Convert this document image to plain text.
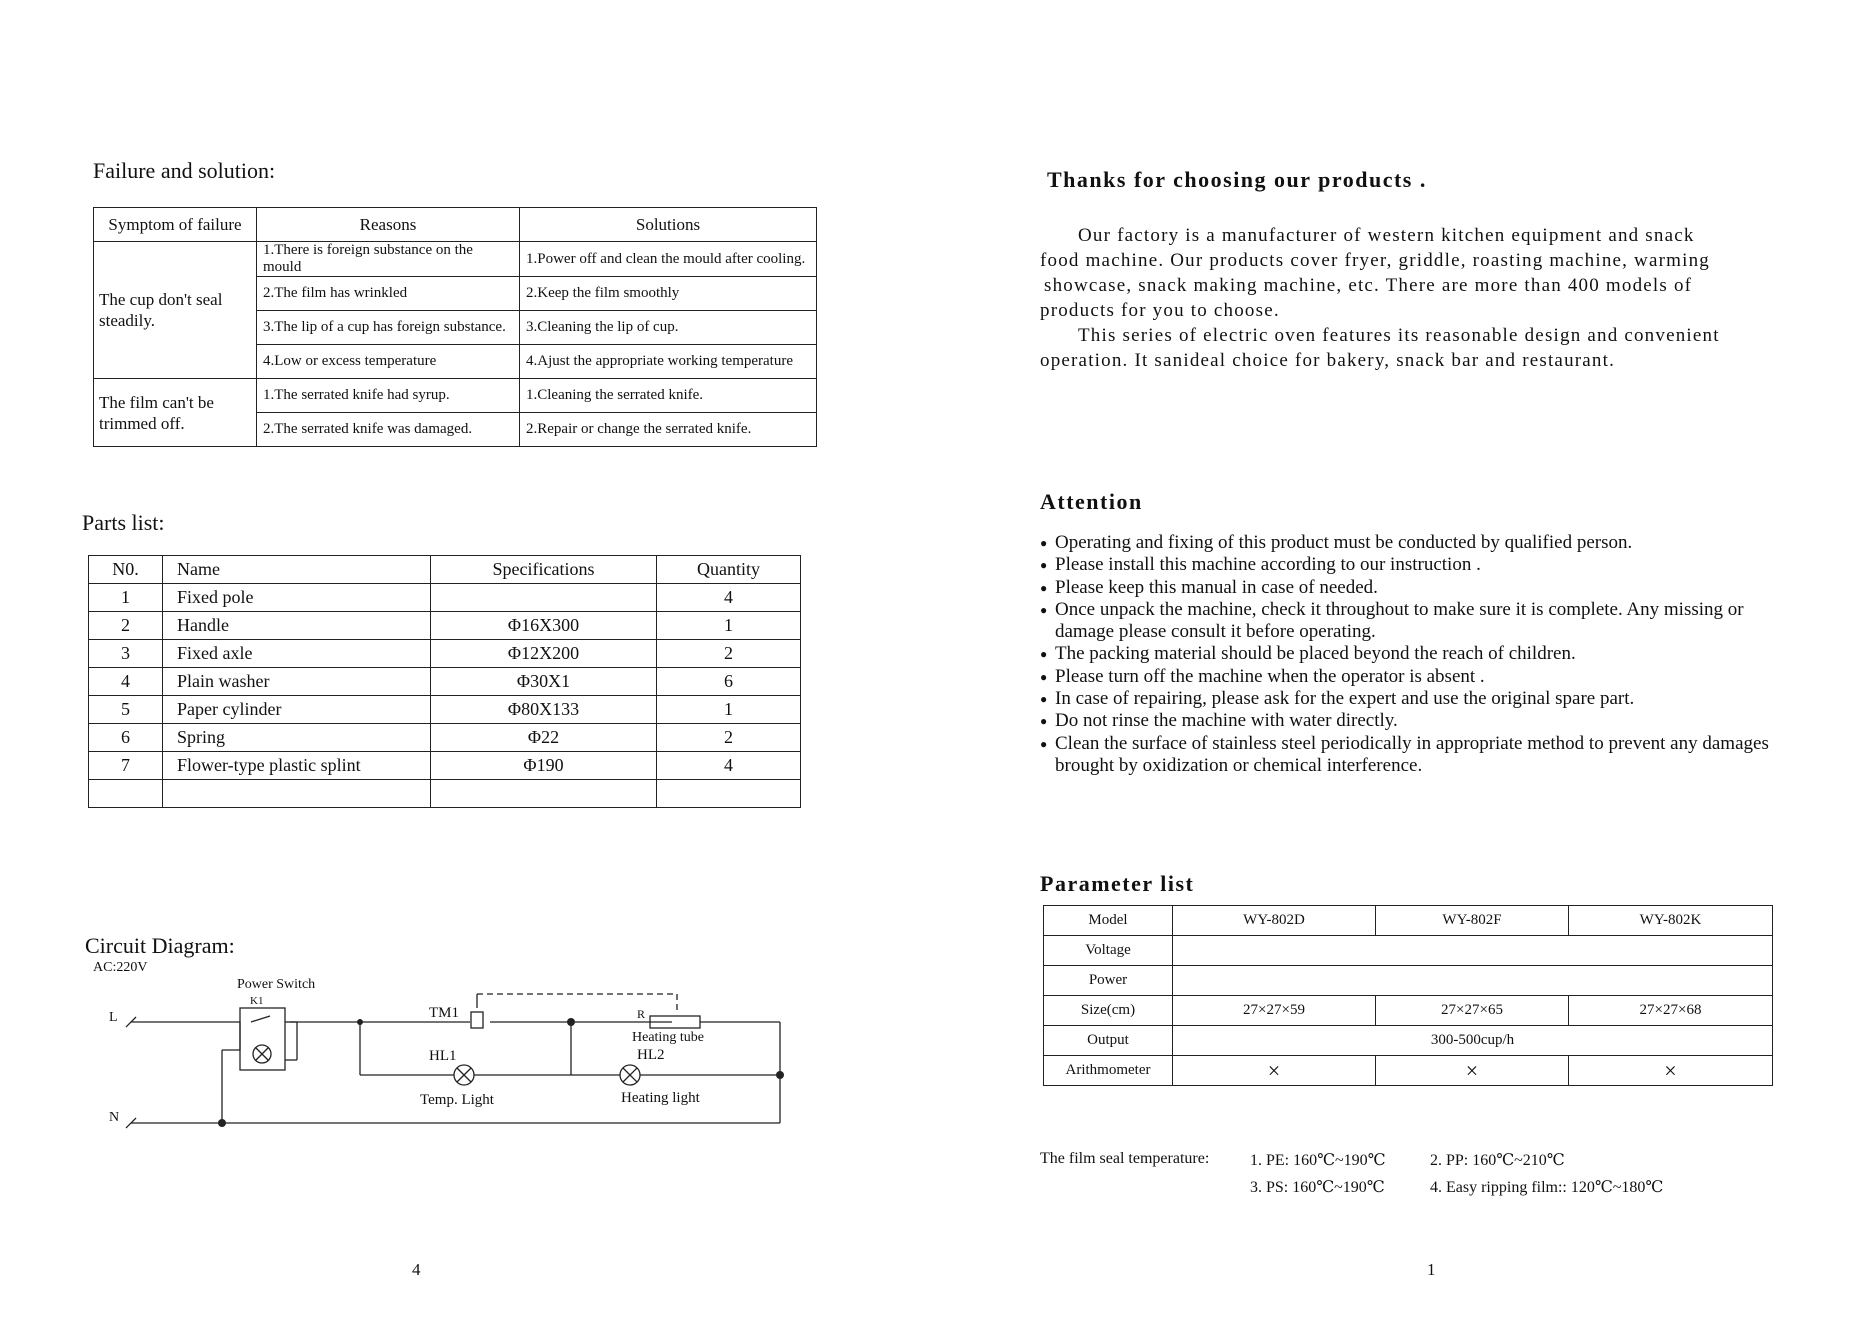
Failure and solution:
Symptom of failure	Reasons	Solutions
The cup don't seal steadily.	1.There is foreign substance on the mould	1.Power off and clean the mould after cooling.
	2.The film has wrinkled	2.Keep the film smoothly
	3.The lip of a cup has foreign substance.	3.Cleaning the lip of cup.
	4.Low or excess temperature	4.Ajust the appropriate working temperature
The film can't be trimmed off.	1.The serrated knife had syrup.	1.Cleaning the serrated knife.
	2.The serrated knife was damaged.	2.Repair or change the serrated knife.
Parts list:
N0.	Name	Specifications	Quantity
1	Fixed pole		4
2	Handle	Φ16X300	1
3	Fixed axle	Φ12X200	2
4	Plain washer	Φ30X1	6
5	Paper cylinder	Φ80X133	1
6	Spring	Φ22	2
7	Flower-type plastic splint	Φ190	4

Circuit Diagram:
AC:220V
Power Switch
K1
L
N
TM1
HL1
R
Heating tube
HL2
Temp. Light	Heating light
4
Thanks for choosing our products .
Our factory is a manufacturer of western kitchen equipment and snack
food machine. Our products cover fryer, griddle, roasting machine, warming
showcase, snack making machine, etc. There are more than 400 models of
products for you to choose.
This series of electric oven features its reasonable design and convenient
operation. It sanideal choice for bakery, snack bar and restaurant.
Attention
● Operating and fixing of this product must be conducted by qualified person.
● Please install this machine according to our instruction .
● Please keep this manual in case of needed.
● Once unpack the machine, check it throughout to make sure it is complete. Any missing or damage please consult it before operating.
● The packing material should be placed beyond the reach of children.
● Please turn off the machine when the operator is absent .
● In case of repairing, please ask for the expert and use the original spare part.
● Do not rinse the machine with water directly.
● Clean the surface of stainless steel periodically in appropriate method to prevent any damages brought by oxidization or chemical interference.
Parameter list
Model	WY-802D	WY-802F	WY-802K
Voltage			
Power			
Size(cm)	27×27×59	27×27×65	27×27×68
Output	300-500cup/h		
Arithmometer	×	×	×
The film seal temperature:	1. PE: 160℃~190℃	2. PP: 160℃~210℃
3. PS: 160℃~190℃	4. Easy ripping film:: 120℃~180℃
1
